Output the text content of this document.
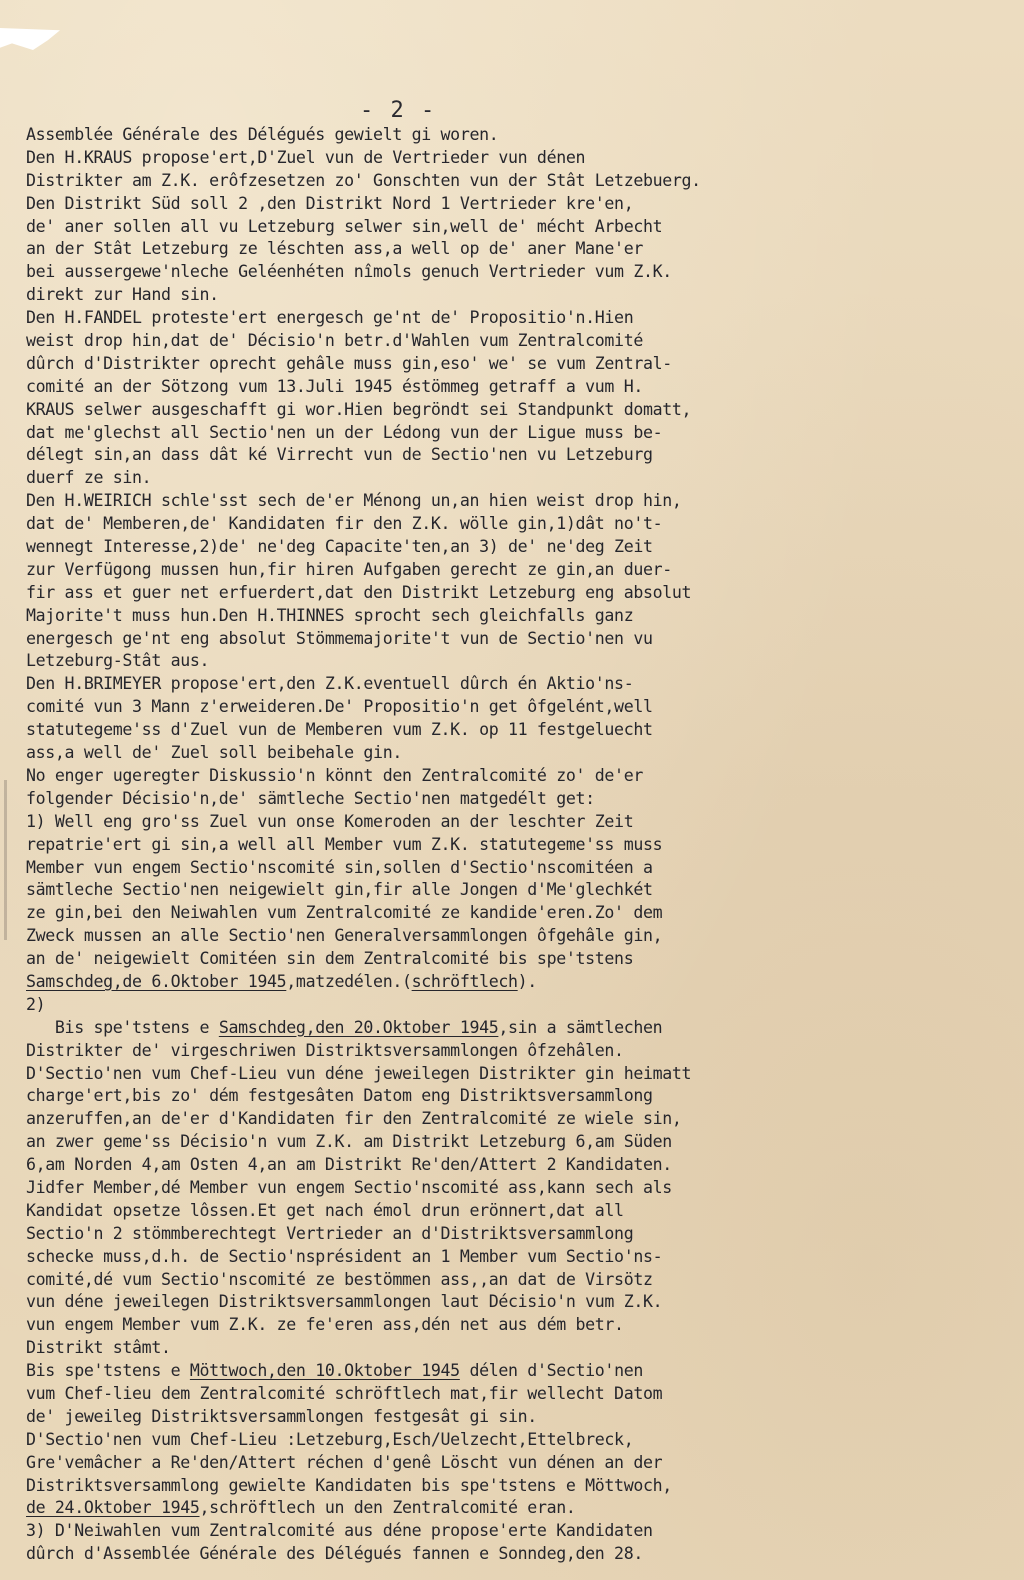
- 2 -
Assemblée Générale des Délégués gewielt gi woren.
Den H.KRAUS propose'ert,D'Zuel vun de Vertrieder vun dénen
Distrikter am Z.K. erôfzesetzen zo' Gonschten vun der Stât Letzebuerg.
Den Distrikt Süd soll 2 ,den Distrikt Nord 1 Vertrieder kre'en,
de' aner sollen all vu Letzeburg selwer sin,well de' mécht Arbecht
an der Stât Letzeburg ze léschten ass,a well op de' aner Mane'er
bei aussergewe'nleche Geléenhéten nîmols genuch Vertrieder vum Z.K.
direkt zur Hand sin.
Den H.FANDEL proteste'ert energesch ge'nt de' Propositio'n.Hien
weist drop hin,dat de' Décisio'n betr.d'Wahlen vum Zentralcomité
dûrch d'Distrikter oprecht gehâle muss gin,eso' we' se vum Zentral-
comité an der Sötzong vum 13.Juli 1945 éstömmeg getraff a vum H.
KRAUS selwer ausgeschafft gi wor.Hien begröndt sei Standpunkt domatt,
dat me'glechst all Sectio'nen un der Lédong vun der Ligue muss be-
délegt sin,an dass dât ké Virrecht vun de Sectio'nen vu Letzeburg
duerf ze sin.
Den H.WEIRICH schle'sst sech de'er Ménong un,an hien weist drop hin,
dat de' Memberen,de' Kandidaten fir den Z.K. wölle gin,1)dât no't-
wennegt Interesse,2)de' ne'deg Capacite'ten,an 3) de' ne'deg Zeit
zur Verfügong mussen hun,fir hiren Aufgaben gerecht ze gin,an duer-
fir ass et guer net erfuerdert,dat den Distrikt Letzeburg eng absolut
Majorite't muss hun.Den H.THINNES sprocht sech gleichfalls ganz
energesch ge'nt eng absolut Stömmemajorite't vun de Sectio'nen vu
Letzeburg-Stât aus.
Den H.BRIMEYER propose'ert,den Z.K.eventuell dûrch én Aktio'ns-
comité vun 3 Mann z'erweideren.De' Propositio'n get ôfgelént,well
statutegeme'ss d'Zuel vun de Memberen vum Z.K. op 11 festgeluecht
ass,a well de' Zuel soll beibehale gin.
No enger ugeregter Diskussio'n könnt den Zentralcomité zo' de'er
folgender Décisio'n,de' sämtleche Sectio'nen matgedélt get:
1) Well eng gro'ss Zuel vun onse Komeroden an der leschter Zeit
repatrie'ert gi sin,a well all Member vum Z.K. statutegeme'ss muss
Member vun engem Sectio'nscomité sin,sollen d'Sectio'nscomitéen a
sämtleche Sectio'nen neigewielt gin,fir alle Jongen d'Me'glechkét
ze gin,bei den Neiwahlen vum Zentralcomité ze kandide'eren.Zo' dem
Zweck mussen an alle Sectio'nen Generalversammlongen ôfgehâle gin,
an de' neigewielt Comitéen sin dem Zentralcomité bis spe'tstens
Samschdeg,de 6.Oktober 1945,matzedélen.(schröftlech).
2)
Bis spe'tstens e Samschdeg,den 20.Oktober 1945,sin a sämtlechen
Distrikter de' virgeschriwen Distriktsversammlongen ôfzehâlen.
D'Sectio'nen vum Chef-Lieu vun déne jeweilegen Distrikter gin heimatt
charge'ert,bis zo' dém festgesâten Datom eng Distriktsversammlong
anzeruffen,an de'er d'Kandidaten fir den Zentralcomité ze wiele sin,
an zwer geme'ss Décisio'n vum Z.K. am Distrikt Letzeburg 6,am Süden
6,am Norden 4,am Osten 4,an am Distrikt Re'den/Attert 2 Kandidaten.
Jidfer Member,dé Member vun engem Sectio'nscomité ass,kann sech als
Kandidat opsetze lôssen.Et get nach émol drun erönnert,dat all
Sectio'n 2 stömmberechtegt Vertrieder an d'Distriktsversammlong
schecke muss,d.h. de Sectio'nsprésident an 1 Member vum Sectio'ns-
comité,dé vum Sectio'nscomité ze bestömmen ass,,an dat de Virsötz
vun déne jeweilegen Distriktsversammlongen laut Décisio'n vum Z.K.
vun engem Member vum Z.K. ze fe'eren ass,dén net aus dém betr.
Distrikt stâmt.
Bis spe'tstens e Möttwoch,den 10.Oktober 1945 délen d'Sectio'nen
vum Chef-lieu dem Zentralcomité schröftlech mat,fir wellecht Datom
de' jeweileg Distriktsversammlongen festgesât gi sin.
D'Sectio'nen vum Chef-Lieu :Letzeburg,Esch/Uelzecht,Ettelbreck,
Gre'vemâcher a Re'den/Attert réchen d'genê Löscht vun dénen an der
Distriktsversammlong gewielte Kandidaten bis spe'tstens e Möttwoch,
de 24.Oktober 1945,schröftlech un den Zentralcomité eran.
3) D'Neiwahlen vum Zentralcomité aus déne propose'erte Kandidaten
dûrch d'Assemblée Générale des Délégués fannen e Sonndeg,den 28.
